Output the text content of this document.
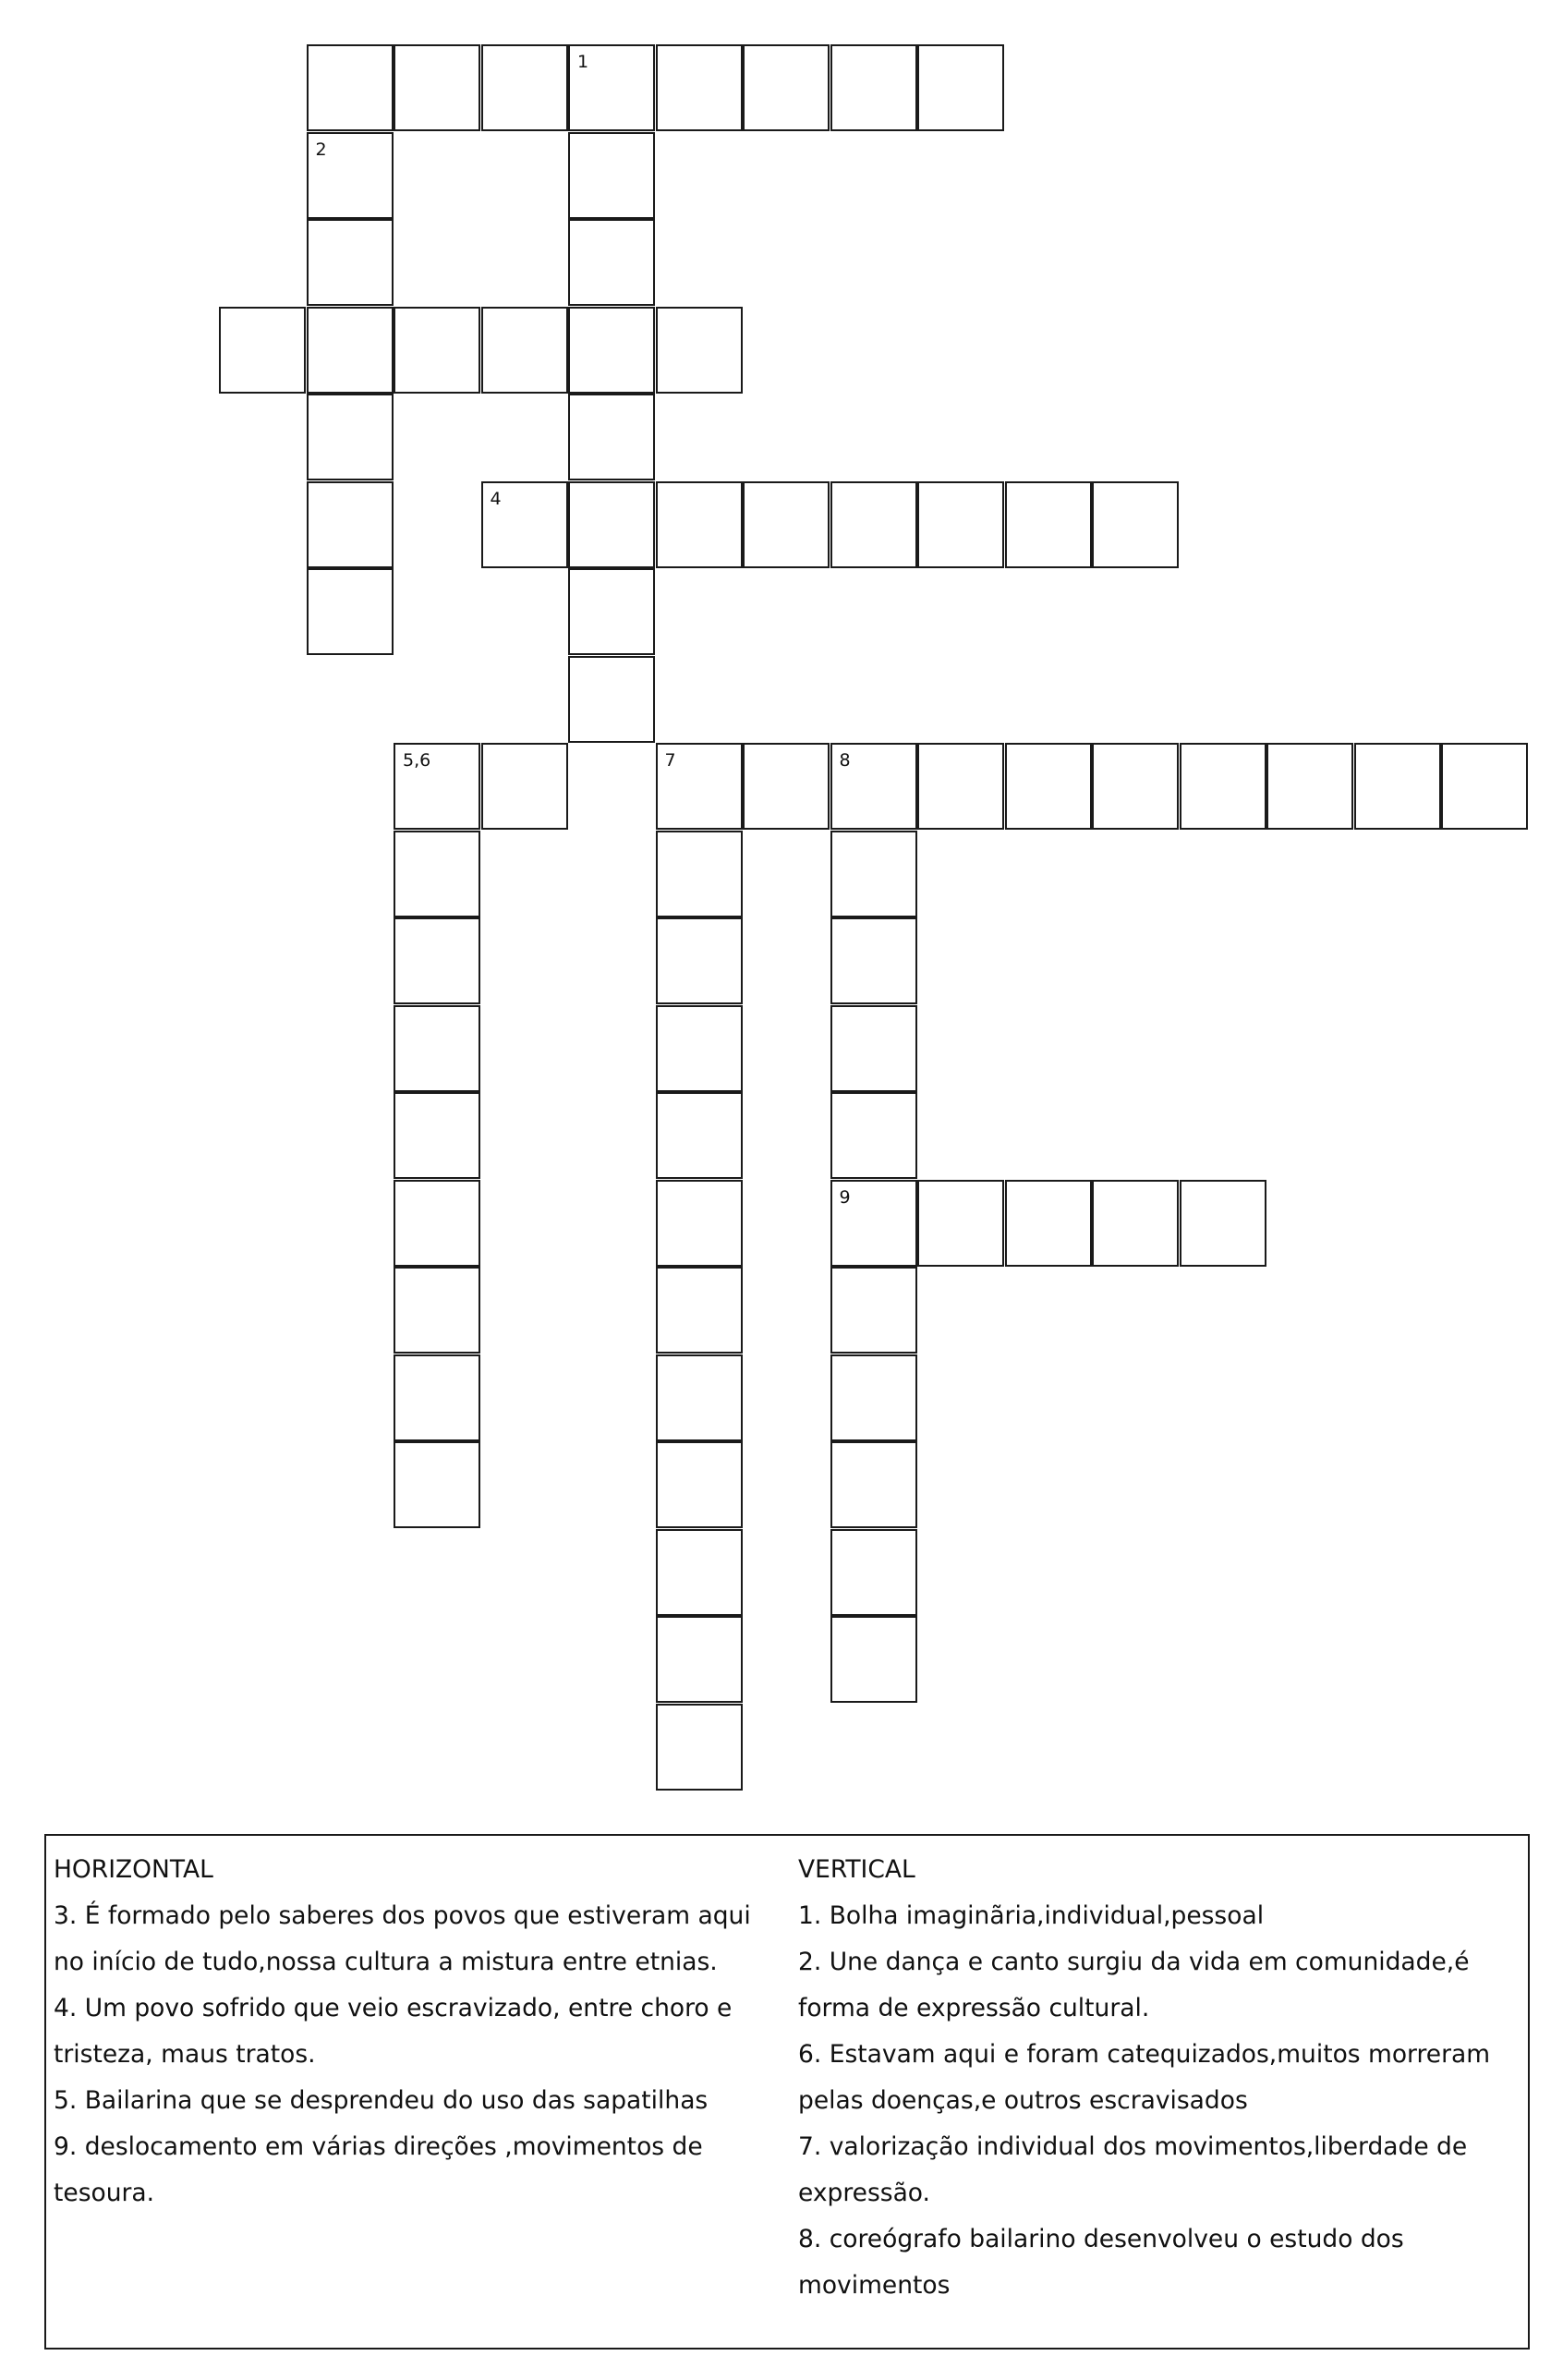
1
2
4
5,6	7	8
9

HORIZONTAL

3. É formado pelo saberes dos povos que estiveram aqui no início de tudo,nossa cultura a mistura entre etnias.

4. Um povo sofrido que veio escravizado, entre choro e tristeza, maus tratos.

5. Bailarina que se desprendeu do uso das sapatilhas

9. deslocamento em várias direções ,movimentos de tesoura.

VERTICAL

1. Bolha imaginãria,individual,pessoal

2. Une dança e canto surgiu da vida em comunidade,é forma de expressão cultural.

6. Estavam aqui e foram catequizados,muitos morreram pelas doenças,e outros escravisados

7. valorização individual dos movimentos,liberdade de expressão.

8. coreógrafo bailarino desenvolveu o estudo dos movimentos
